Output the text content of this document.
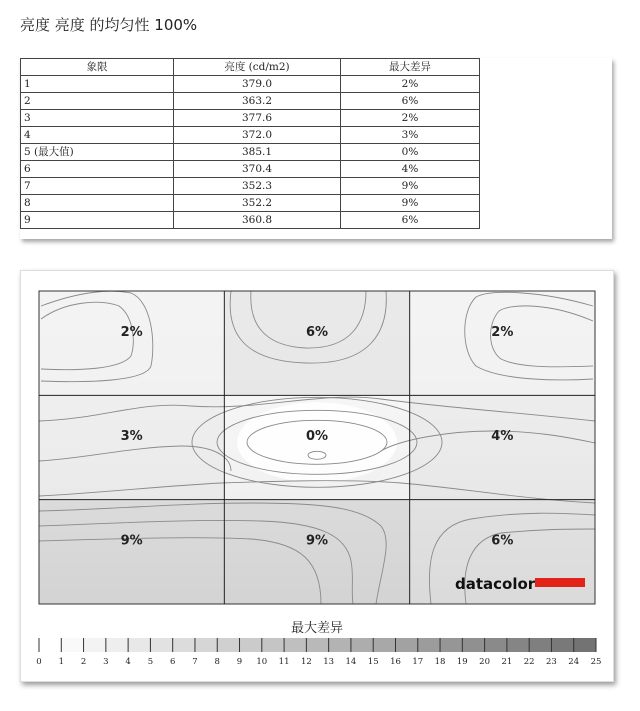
亮度 亮度 的均匀性 100%
象限	亮度 (cd/m2)	最大差异
1	379.0	2%
2	363.2	6%
3	377.6	2%
4	372.0	3%
5 (最大值)	385.1	0%
6	370.4	4%
7	352.3	9%
8	352.2	9%
9	360.8	6%
2%	6%	2%
3%	0%	4%
9%	9%	6%
datacolor
最大差异
0 1 2 3 4 5 6 7 8 9 10 11 12 13 14 15 16 17 18 19 20 21 22 23 24 25
